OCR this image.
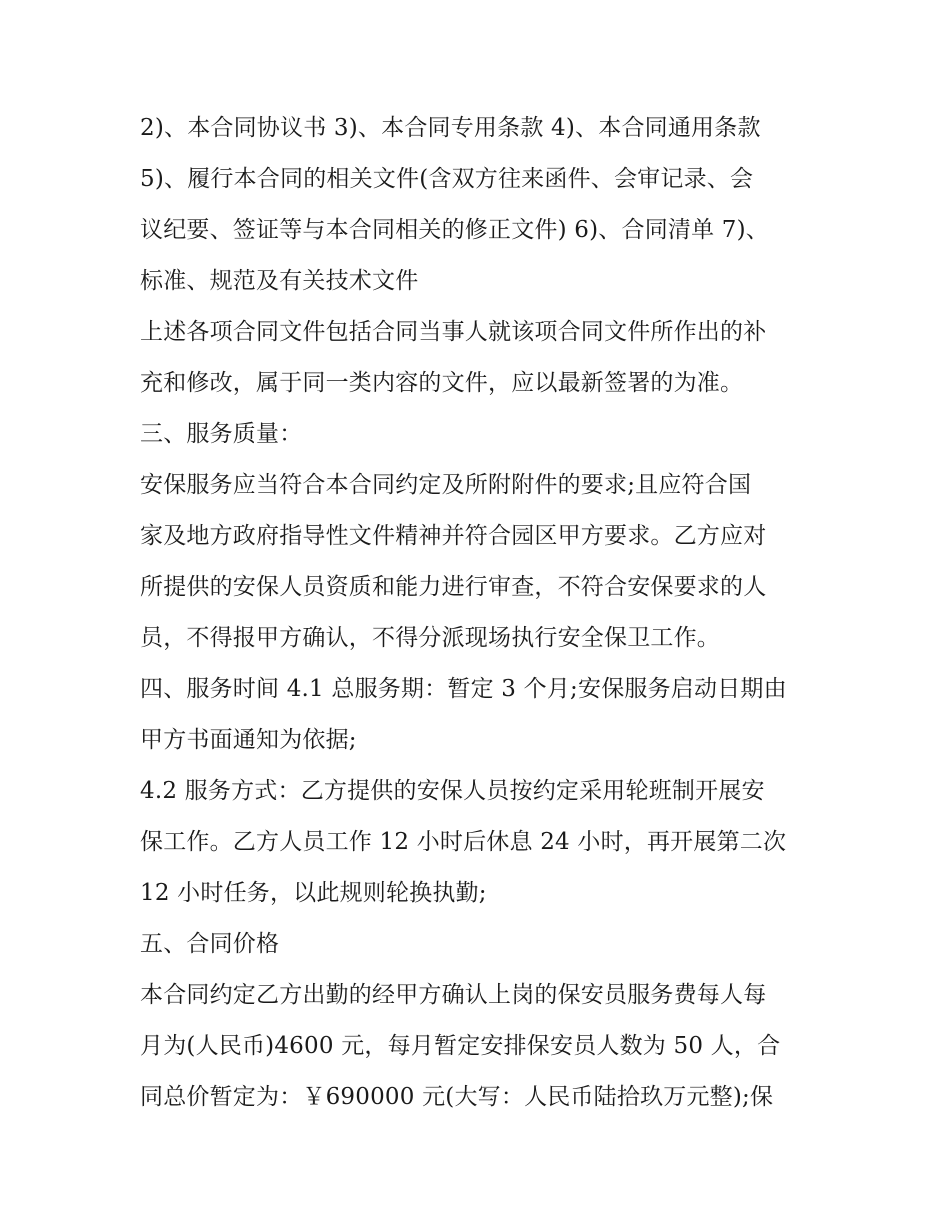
2)、本合同协议书 3)、本合同专用条款 4)、本合同通用条款
5)、履行本合同的相关文件(含双方往来函件、会审记录、会
议纪要、签证等与本合同相关的修正文件) 6)、合同清单 7)、
标准、规范及有关技术文件
上述各项合同文件包括合同当事人就该项合同文件所作出的补
充和修改，属于同一类内容的文件，应以最新签署的为准。
三、服务质量：
安保服务应当符合本合同约定及所附附件的要求;且应符合国
家及地方政府指导性文件精神并符合园区甲方要求。乙方应对
所提供的安保人员资质和能力进行审查，不符合安保要求的人
员，不得报甲方确认，不得分派现场执行安全保卫工作。
四、服务时间 4.1 总服务期：暂定 3 个月;安保服务启动日期由
甲方书面通知为依据;
4.2 服务方式：乙方提供的安保人员按约定采用轮班制开展安
保工作。乙方人员工作 12 小时后休息 24 小时，再开展第二次
12 小时任务，以此规则轮换执勤;
五、合同价格
本合同约定乙方出勤的经甲方确认上岗的保安员服务费每人每
月为(人民币)4600 元，每月暂定安排保安员人数为 50 人，合
同总价暂定为：￥690000 元(大写：人民币陆拾玖万元整);保
